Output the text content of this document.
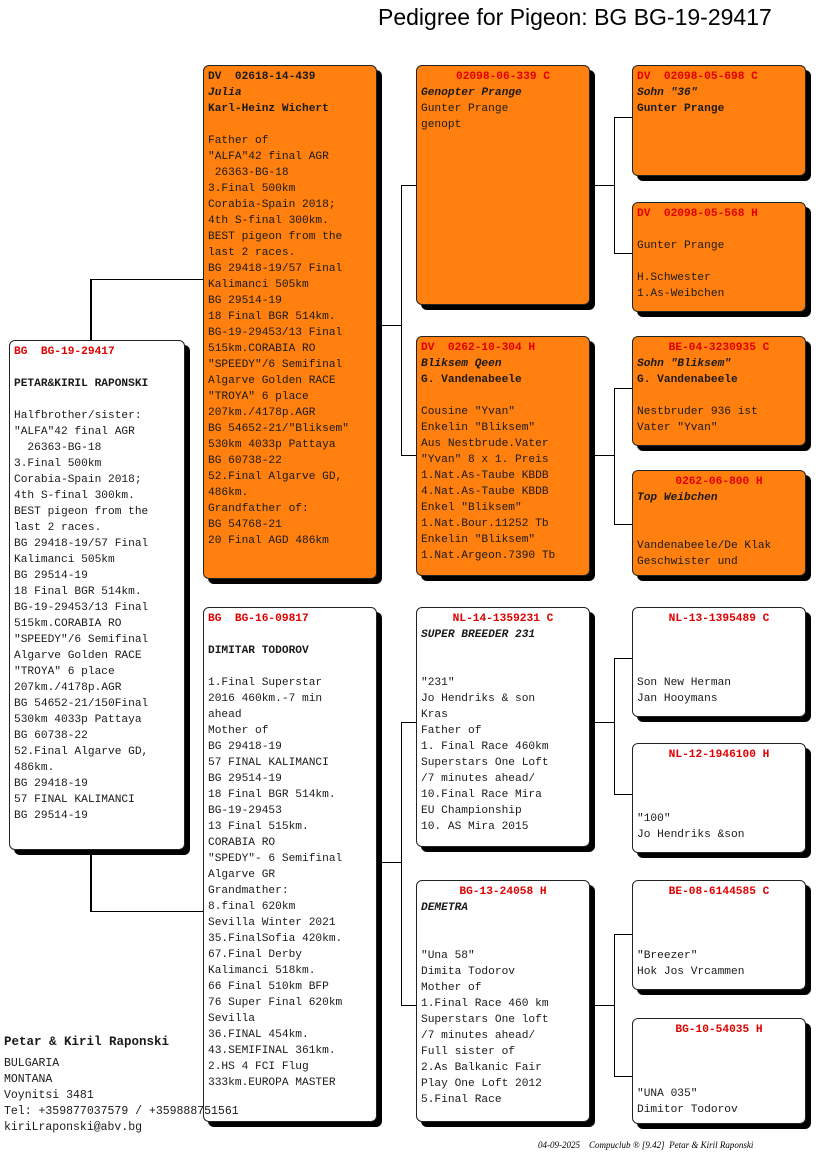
Pedigree for Pigeon: BG BG-19-29417
BG  BG-19-29417
PETAR&KIRIL RAPONSKI
Halfbrother/sister:
"ALFA"42 final AGR
26363-BG-18
3.Final 500km
Corabia-Spain 2018;
4th S-final 300km.
BEST pigeon from the
last 2 races.
BG 29418-19/57 Final
Kalimanci 505km
BG 29514-19
18 Final BGR 514km.
BG-19-29453/13 Final
515km.CORABIA RO
"SPEEDY"/6 Semifinal
Algarve Golden RACE
"TROYA" 6 place
207km./4178p.AGR
BG 54652-21/150Final
530km 4033p Pattaya
BG 60738-22
52.Final Algarve GD,
486km.
BG 29418-19
57 FINAL KALIMANCI
BG 29514-19
DV  02618-14-439
Julia
Karl-Heinz Wichert
Father of
"ALFA"42 final AGR
26363-BG-18
3.Final 500km
Corabia-Spain 2018;
4th S-final 300km.
BEST pigeon from the
last 2 races.
BG 29418-19/57 Final
Kalimanci 505km
BG 29514-19
18 Final BGR 514km.
BG-19-29453/13 Final
515km.CORABIA RO
"SPEEDY"/6 Semifinal
Algarve Golden RACE
"TROYA" 6 place
207km./4178p.AGR
BG 54652-21/"Bliksem"
530km 4033p Pattaya
BG 60738-22
52.Final Algarve GD,
486km.
Grandfather of:
BG 54768-21
20 Final AGD 486km
BG  BG-16-09817
DIMITAR TODOROV
1.Final Superstar
2016 460km.-7 min
ahead
Mother of
BG 29418-19
57 FINAL KALIMANCI
BG 29514-19
18 Final BGR 514km.
BG-19-29453
13 Final 515km.
CORABIA RO
"SPEDY"- 6 Semifinal
Algarve GR
Grandmather:
8.final 620km
Sevilla Winter 2021
35.FinalSofia 420km.
67.Final Derby
Kalimanci 518km.
66 Final 510km BFP
76 Super Final 620km
Sevilla
36.FINAL 454km.
43.SEMIFINAL 361km.
2.HS 4 FCI Flug
333km.EUROPA MASTER
02098-06-339 C
Genopter Prange
Gunter Prange
genopt
DV  0262-10-304 H
Bliksem Qeen
G. Vandenabeele
Cousine "Yvan"
Enkelin "Bliksem"
Aus Nestbrude.Vater
"Yvan" 8 x 1. Preis
1.Nat.As-Taube KBDB
4.Nat.As-Taube KBDB
Enkel "Bliksem"
1.Nat.Bour.11252 Tb
Enkelin "Bliksem"
1.Nat.Argeon.7390 Tb
NL-14-1359231 C
SUPER BREEDER 231
"231"
Jo Hendriks & son
Kras
Father of
1. Final Race 460km
Superstars One Loft
/7 minutes ahead/
10.Final Race Mira
EU Championship
10. AS Mira 2015
BG-13-24058 H
DEMETRA
"Una 58"
Dimita Todorov
Mother of
1.Final Race 460 km
Superstars One loft
/7 minutes ahead/
Full sister of
2.As Balkanic Fair
Play One Loft 2012
5.Final Race
DV  02098-05-698 C
Sohn "36"
Gunter Prange
DV  02098-05-568 H
Gunter Prange
H.Schwester
1.As-Weibchen
BE-04-3230935 C
Sohn "Bliksem"
G. Vandenabeele
Nestbruder 936 ist
Vater "Yvan"
0262-06-800 H
Top Weibchen
Vandenabeele/De Klak
Geschwister und
NL-13-1395489 C
Son New Herman
Jan Hooymans
NL-12-1946100 H
"100"
Jo Hendriks &son
BE-08-6144585 C
"Breezer"
Hok Jos Vrcammen
BG-10-54035 H
"UNA 035"
Dimitor Todorov
Petar & Kiril Raponski
BULGARIA
MONTANA
Voynitsi 3481
Tel: +359877037579 / +359888751561
kiriLraponski@abv.bg
04-09-2025    Compuclub ® [9.42]  Petar & Kiril Raponski
